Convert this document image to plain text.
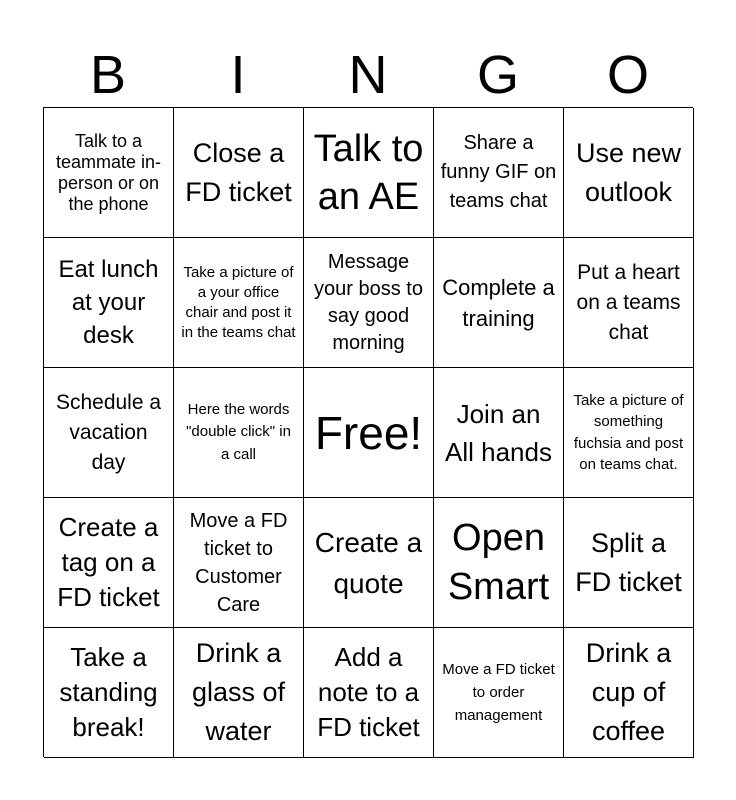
B	I	N	G	O
Talk to a teammate in-person or on the phone
Close a FD ticket
Talk to an AE
Share a funny GIF on teams chat
Use new outlook
Eat lunch at your desk
Take a picture of a your office chair and post it in the teams chat
Message your boss to say good morning
Complete a training
Put a heart on a teams chat
Schedule a vacation day
Here the words "double click" in a call	Free!	Join an All hands
Take a picture of something fuchsia and post on teams chat.
Create a tag on a FD ticket
Move a FD ticket to Customer Care
Create a quote
Open Smart
Split a FD ticket
Take a standing break!
Drink a glass of water
Add a note to a FD ticket
Move a FD ticket to order management
Drink a cup of coffee
